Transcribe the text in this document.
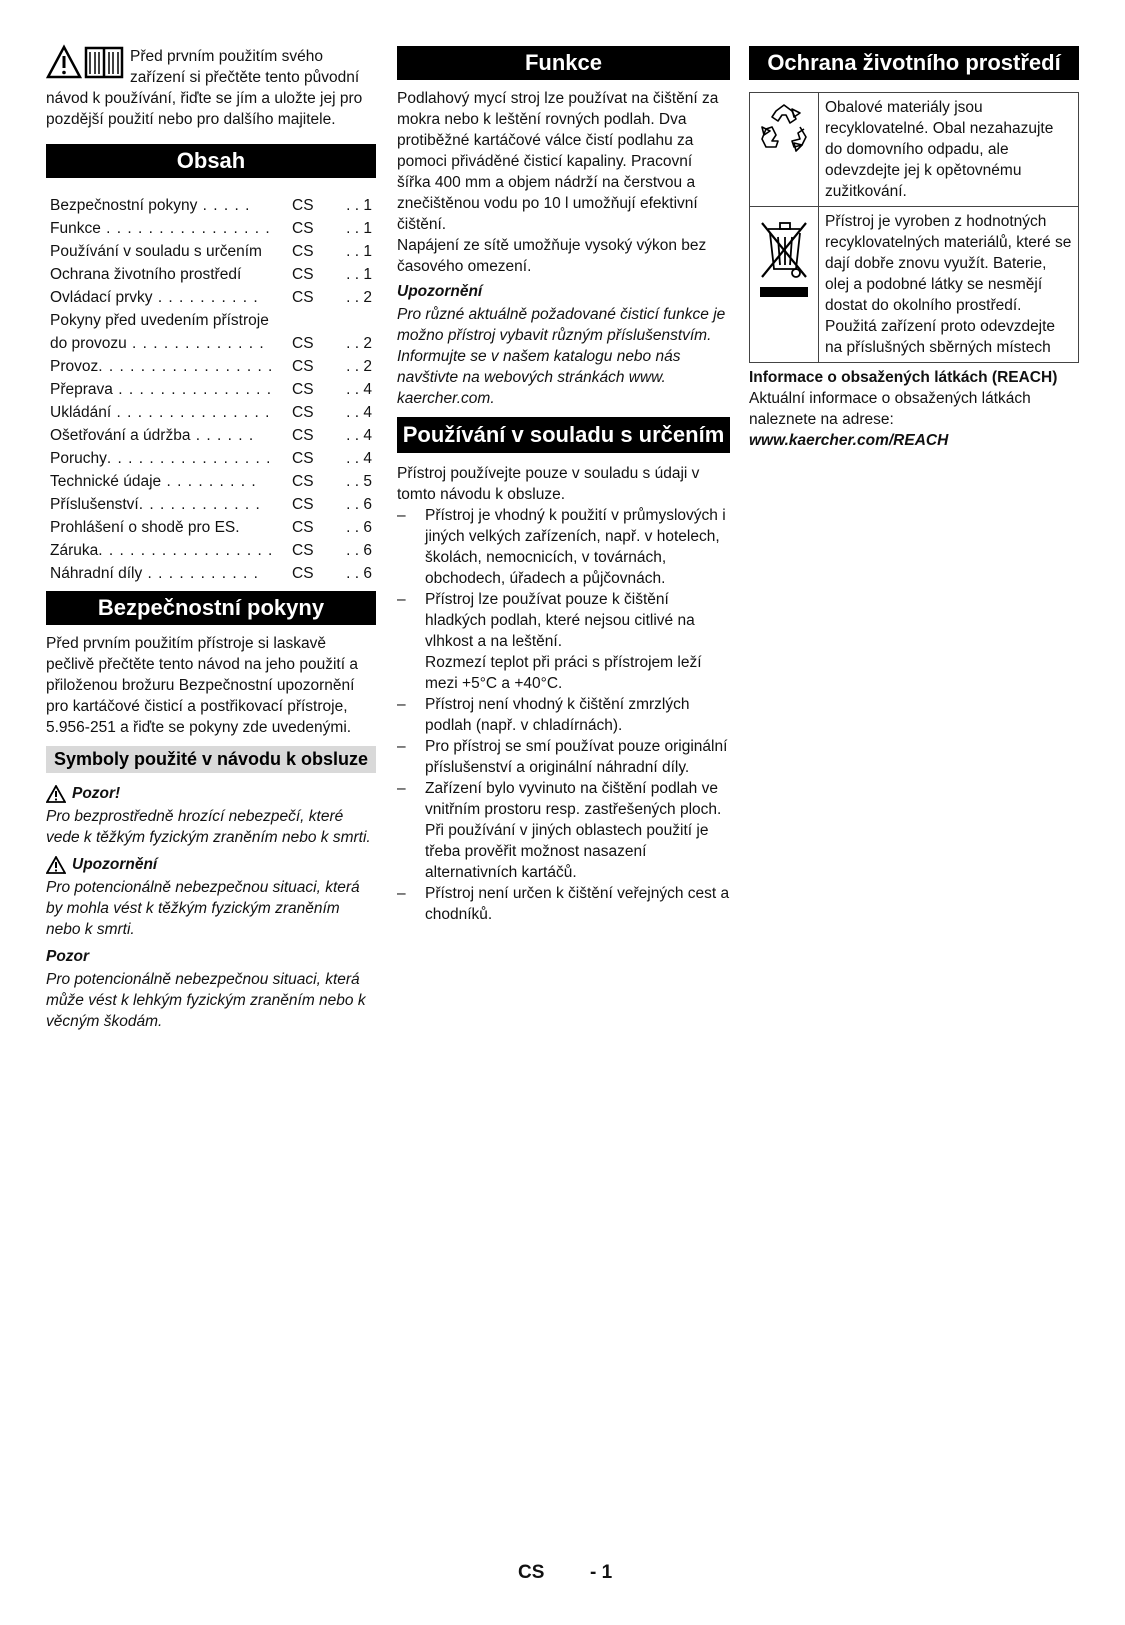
Před prvním použitím svého zařízení si přečtěte tento původní návod k používání, řiďte se jím a uložte jej pro pozdější použití nebo pro dalšího majitele.

Obsah
Bezpečnostní pokyny . . . . .	CS	. . 1
Funkce . . . . . . . . . . . . . . . .	CS	. . 1
Používání v souladu s určením	CS	. . 1
Ochrana životního prostředí	CS	. . 1
Ovládací prvky . . . . . . . . . .	CS	. . 2

Pokyny před uvedením přístroje
do provozu . . . . . . . . . . . . .	CS	. . 2
Provoz. . . . . . . . . . . . . . . . .	CS	. . 2
Přeprava . . . . . . . . . . . . . . .	CS	. . 4
Ukládání . . . . . . . . . . . . . . .	CS	. . 4
Ošetřování a údržba . . . . . .	CS	. . 4
Poruchy. . . . . . . . . . . . . . . .	CS	. . 4
Technické údaje . . . . . . . . .	CS	. . 5
Příslušenství. . . . . . . . . . . .	CS	. . 6
Prohlášení o shodě pro ES.	CS	. . 6
Záruka. . . . . . . . . . . . . . . . .	CS	. . 6
Náhradní díly . . . . . . . . . . .	CS	. . 6
Bezpečnostní pokyny

Před prvním použitím přístroje si laskavě pečlivě přečtěte tento návod na jeho použití a přiloženou brožuru Bezpečnostní upozornění pro kartáčové čisticí a postřikovací přístroje, 5.956-251 a řiďte se pokyny zde uvedenými.

Symboly použité v návodu k obsluze
Pozor!

Pro bezprostředně hrozící nebezpečí, které vede k těžkým fyzickým zraněním nebo k smrti.

Upozornění

Pro potencionálně nebezpečnou situaci, která by mohla vést k těžkým fyzickým zraněním nebo k smrti.

Pozor

Pro potencionálně nebezpečnou situaci, která může vést k lehkým fyzickým zraněním nebo k věcným škodám.

Funkce

Podlahový mycí stroj lze používat na čištění za mokra nebo k leštění rovných podlah. Dva protiběžné kartáčové válce čistí podlahu za pomoci přiváděné čisticí kapaliny. Pracovní šířka 400 mm a objem nádrží na čerstvou a znečištěnou vodu po 10 l umožňují efektivní čištění.

Napájení ze sítě umožňuje vysoký výkon bez časového omezení.

Upozornění

Pro různé aktuálně požadované čisticí funkce je možno přístroj vybavit různým příslušenstvím. Informujte se v našem katalogu nebo nás navštivte na webových stránkách www. kaercher.com.

Používání v souladu s určením

Přístroj používejte pouze v souladu s údaji v tomto návodu k obsluze.

– Přístroj je vhodný k použití v průmyslových i jiných velkých zařízeních, např. v hotelech, školách, nemocnicích, v továrnách, obchodech, úřadech a půjčovnách.
– Přístroj lze používat pouze k čištění hladkých podlah, které nejsou citlivé na vlhkost a na leštění.
Rozmezí teplot při práci s přístrojem leží mezi +5°C a +40°C.
– Přístroj není vhodný k čištění zmrzlých podlah (např. v chladírnách).
– Pro přístroj se smí používat pouze originální příslušenství a originální náhradní díly.
– Zařízení bylo vyvinuto na čištění podlah ve vnitřním prostoru resp. zastřešených ploch. Při používání v jiných oblastech použití je třeba prověřit možnost nasazení alternativních kartáčů.
– Přístroj není určen k čištění veřejných cest a chodníků.
Ochrana životního prostředí
	Obalové materiály jsou recyklovatelné. Obal nezahazujte do domovního odpadu, ale odevzdejte jej k opětovnému zužitkování.
	Přístroj je vyroben z hodnotných recyklovatelných materiálů, které se dají dobře znovu využít. Baterie, olej a podobné látky se nesmějí dostat do okolního prostředí. Použitá zařízení proto odevzdejte na příslušných sběrných místech

Informace o obsažených látkách (REACH)

Aktuální informace o obsažených látkách naleznete na adrese:

www.kaercher.com/REACH

CS - 1
